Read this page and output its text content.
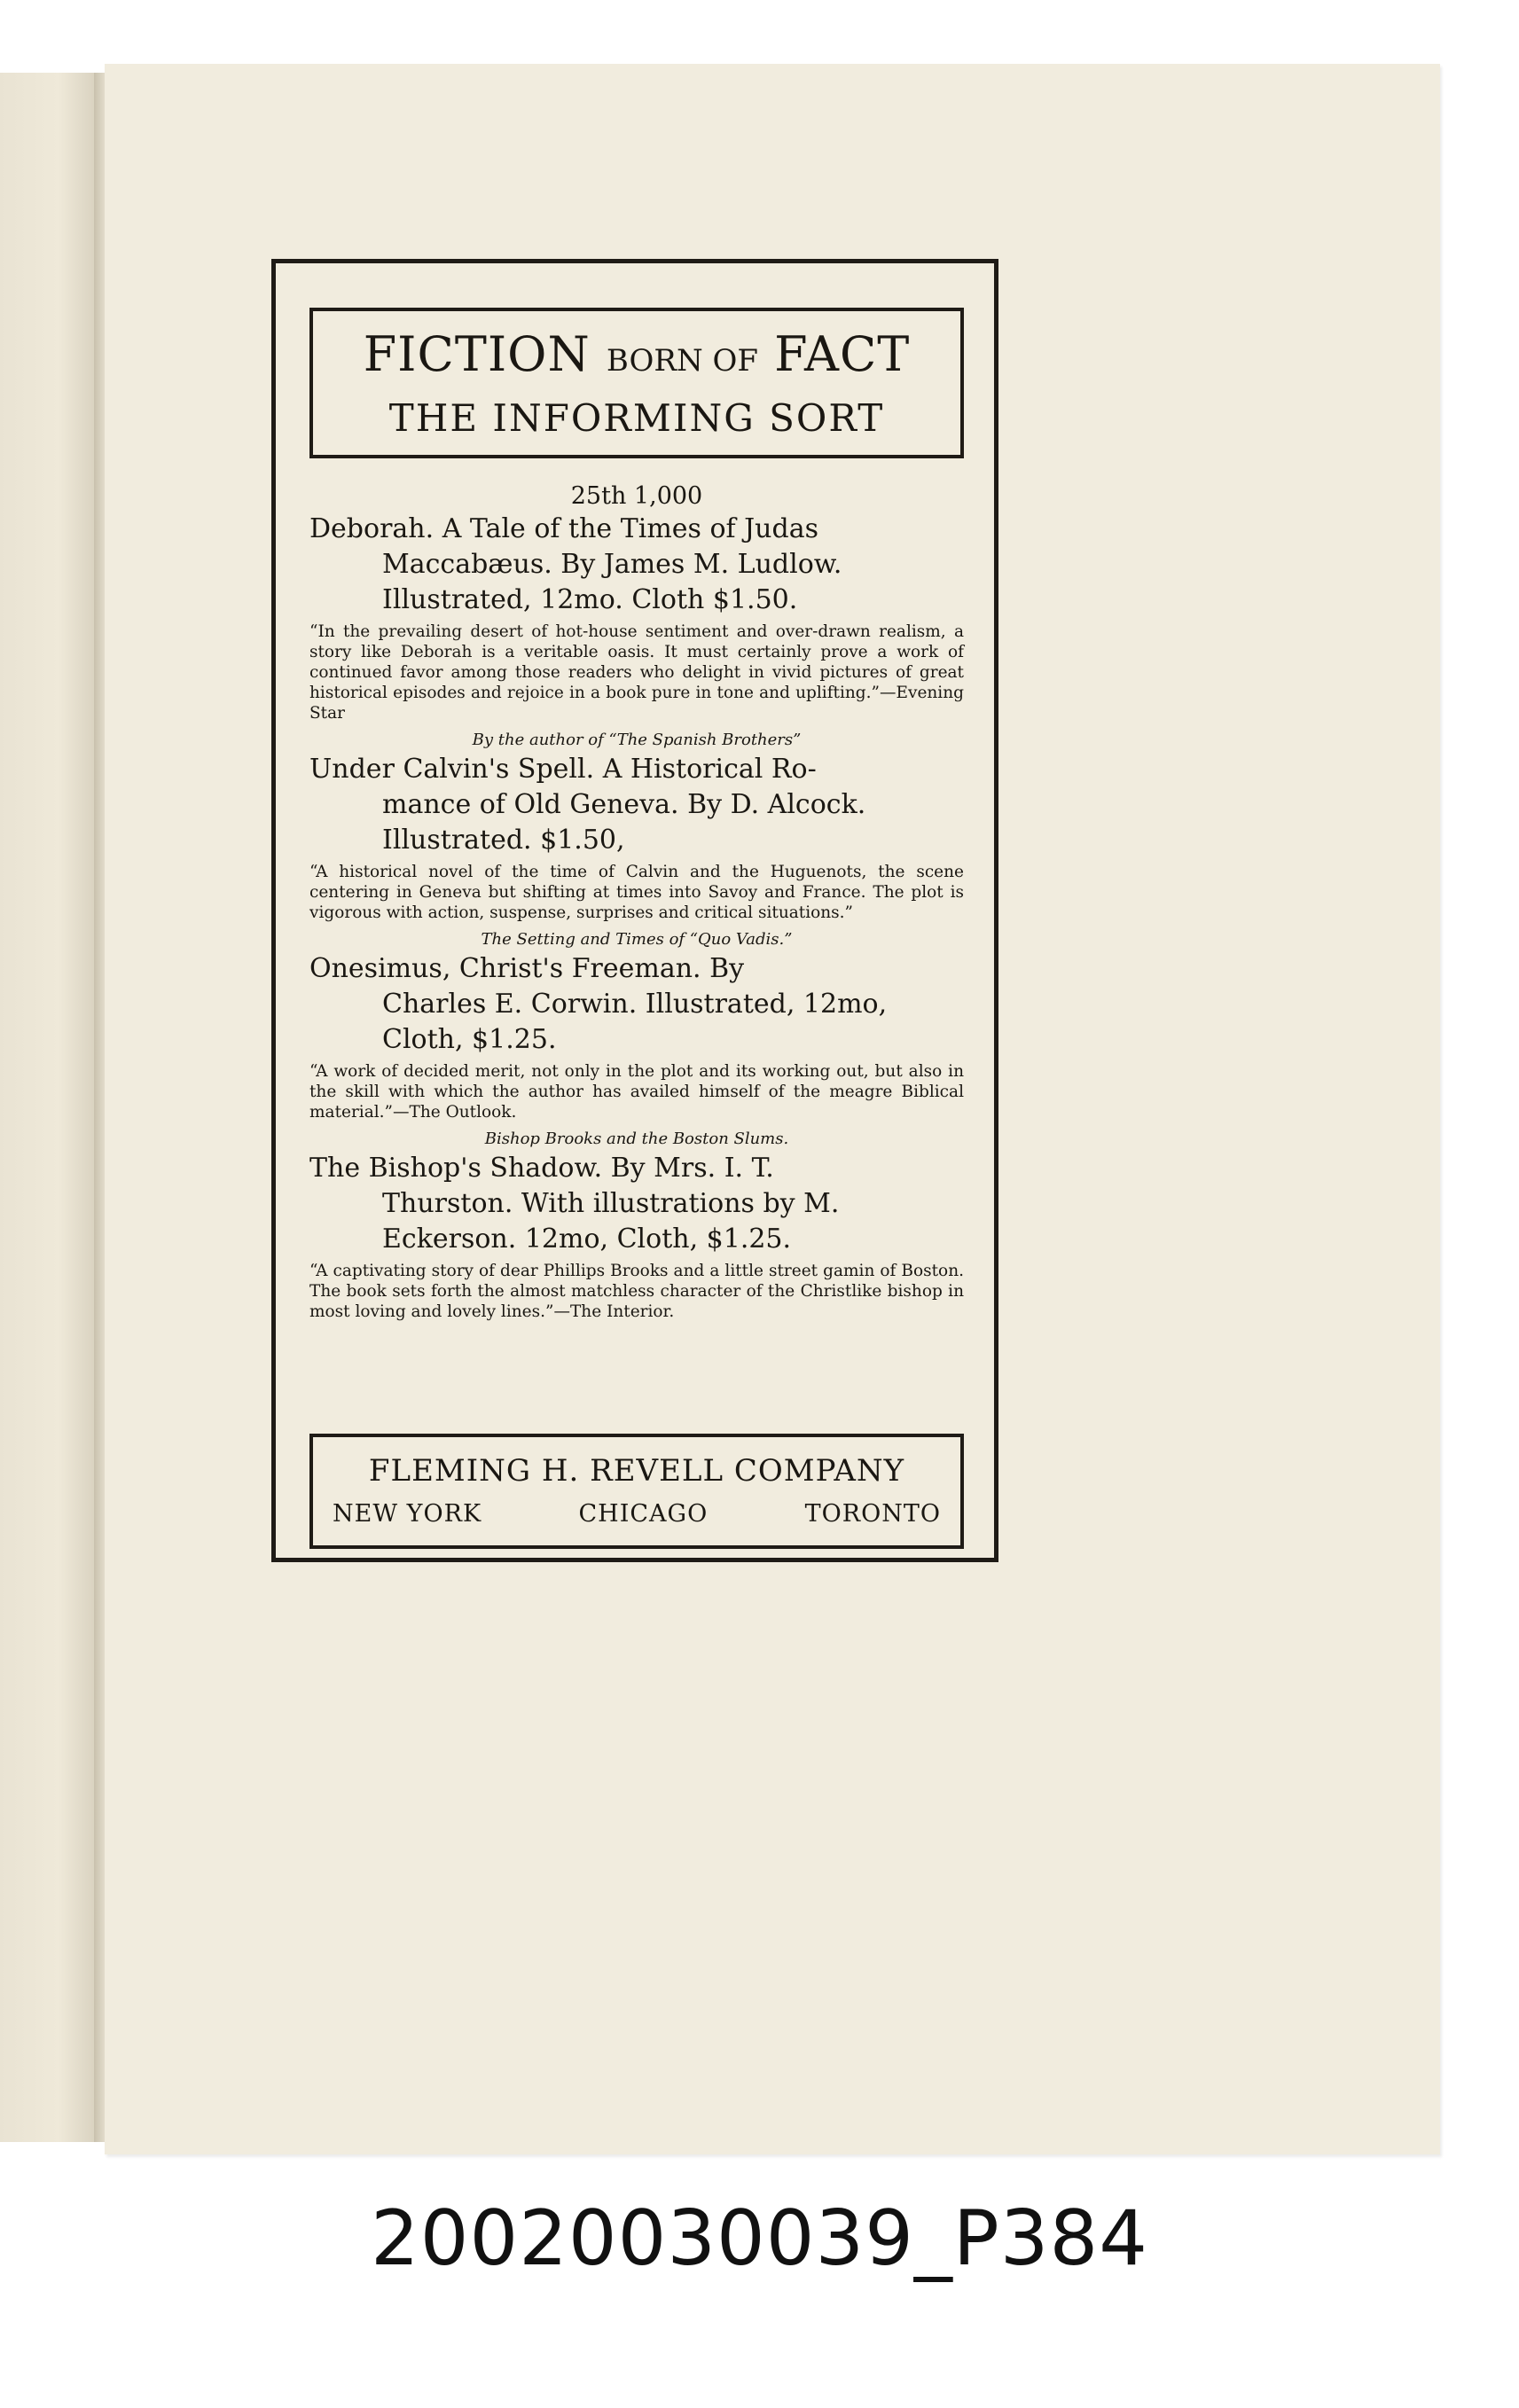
FICTION BORN OF FACT
THE INFORMING SORT
25th 1,000
Deborah. A Tale of the Times of Judas
Maccabæus. By James M. Ludlow.
Illustrated, 12mo. Cloth $1.50.
“In the prevailing desert of hot-house sentiment and over-drawn realism, a story like Deborah is a veritable oasis. It must certainly prove a work of continued favor among those readers who delight in vivid pictures of great historical episodes and rejoice in a book pure in tone and uplifting.”—Evening Star
By the author of “The Spanish Brothers”
Under Calvin's Spell. A Historical Ro-
mance of Old Geneva. By D. Alcock.
Illustrated. $1.50,
“A historical novel of the time of Calvin and the Huguenots, the scene centering in Geneva but shifting at times into Savoy and France. The plot is vigorous with action, suspense, surprises and critical situations.”
The Setting and Times of “Quo Vadis.”
Onesimus, Christ's Freeman. By
Charles E. Corwin. Illustrated, 12mo,
Cloth, $1.25.
“A work of decided merit, not only in the plot and its working out, but also in the skill with which the author has availed himself of the meagre Biblical material.”—The Outlook.
Bishop Brooks and the Boston Slums.
The Bishop's Shadow. By Mrs. I. T.
Thurston. With illustrations by M.
Eckerson. 12mo, Cloth, $1.25.
“A captivating story of dear Phillips Brooks and a little street gamin of Boston. The book sets forth the almost matchless character of the Christlike bishop in most loving and lovely lines.”—The Interior.
FLEMING H. REVELL COMPANY
NEW YORK	CHICAGO	TORONTO
20020030039_P384
